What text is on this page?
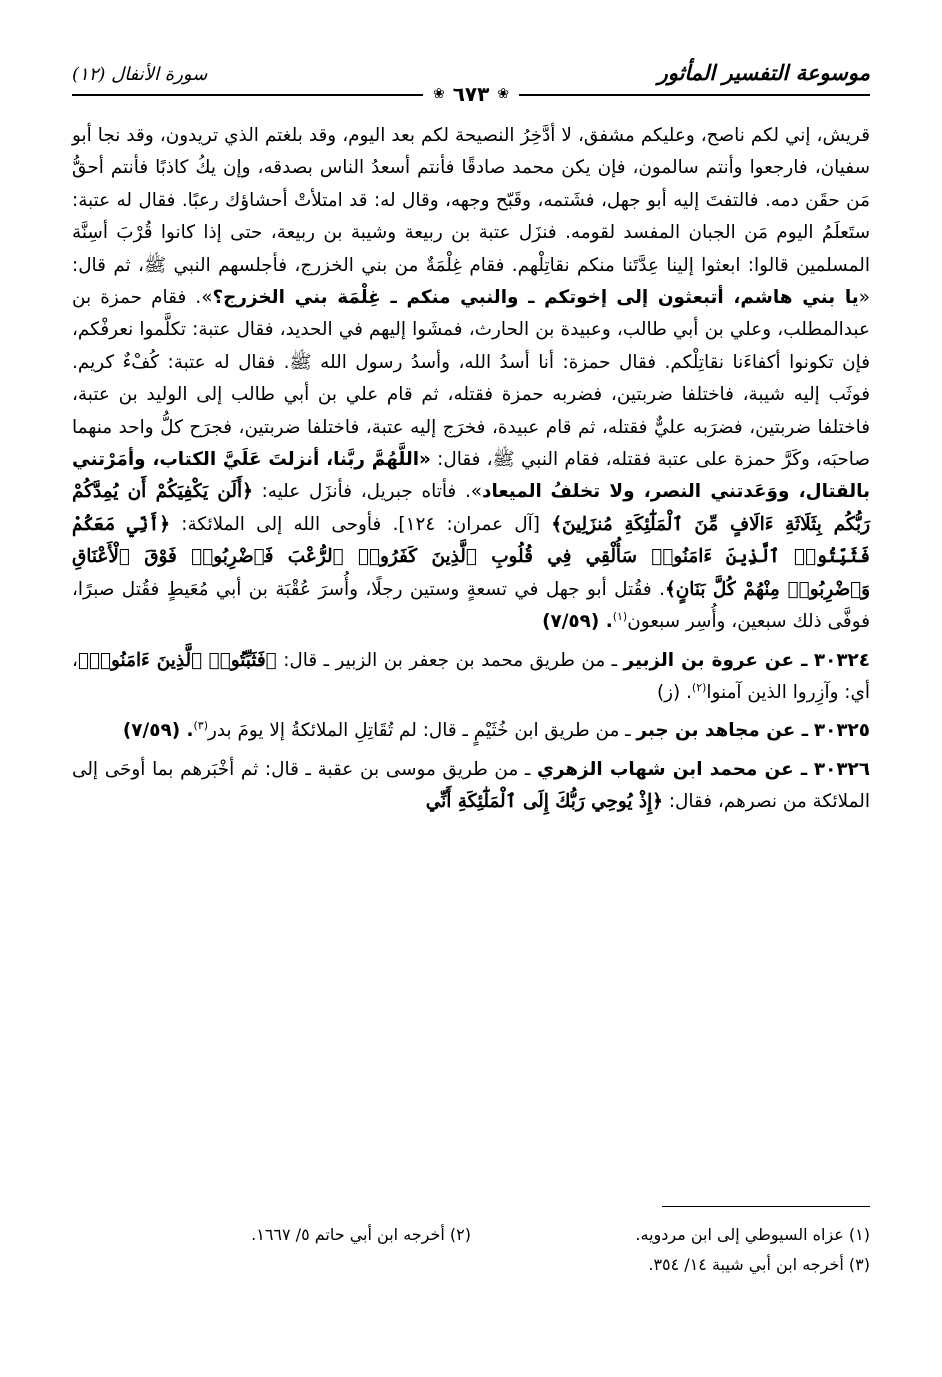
موسوعة التفسير المأثور
سورة الأنفال (١٢)
❀ ٦٧٣ ❀

قريش، إني لكم ناصح، وعليكم مشفق، لا أدَّخِرُ النصيحة لكم بعد اليوم، وقد بلغتم الذي تريدون، وقد نجا أبو سفيان، فارجعوا وأنتم سالمون، فإن يكن محمد صادقًا فأنتم أسعدُ الناس بصدقه، وإن يكُ كاذبًا فأنتم أحقُّ مَن حقَن دمه. فالتفتَ إليه أبو جهل، فشَتمه، وقَبّح وجهه، وقال له: قد امتلأتْ أحشاؤك رعبًا. فقال له عتبة: ستَعلَمُ اليوم مَن الجبان المفسد لقومه. فنزَل عتبة بن ربيعة وشيبة بن ربيعة، حتى إذا كانوا قُرْبَ أسِنَّة المسلمين قالوا: ابعثوا إلينا عِدَّتَنا منكم نقاتِلْهم. فقام غِلْمَةٌ من بني الخزرج، فأجلسهم النبي ﷺ، ثم قال: «يا بني هاشم، أتبعثون إلى إخوتكم ـ والنبي منكم ـ غِلْمَة بني الخزرج؟». فقام حمزة بن عبدالمطلب، وعلي بن أبي طالب، وعبيدة بن الحارث، فمشَوا إليهم في الحديد، فقال عتبة: تكلَّموا نعرفْكم، فإن تكونوا أكفاءَنا نقاتِلْكم. فقال حمزة: أنا أسدُ الله، وأسدُ رسول الله ﷺ. فقال له عتبة: كُفْءٌ كريم. فوثَب إليه شيبة، فاختلفا ضربتين، فضربه حمزة فقتله، ثم قام علي بن أبي طالب إلى الوليد بن عتبة، فاختلفا ضربتين، فضرَبه عليٌّ فقتله، ثم قام عبيدة، فخرَج إليه عتبة، فاختلفا ضربتين، فجرَح كلُّ واحد منهما صاحبَه، وكَرَّ حمزة على عتبة فقتله، فقام النبي ﷺ، فقال: «اللَّهُمَّ ربَّنا، أنزلتَ عَلَيَّ الكتاب، وأمَرْتني بالقتال، ووَعَدتني النصر، ولا تخلفُ الميعاد». فأتاه جبريل، فأنزَل عليه: ﴿أَلَن يَكْفِيَكُمْ أَن يُمِدَّكُمْ رَبُّكُم بِثَلَاثَةِ ءَالَافٍ مِّنَ ٱلْمَلَٰٓئِكَةِ مُنزَلِينَ﴾ [آل عمران: ١٢٤]. فأوحى الله إلى الملائكة: ﴿أَنِّي مَعَكُمْ فَثَبِّتُوا۟ ٱلَّذِينَ ءَامَنُوا۟ سَأُلْقِي فِي قُلُوبِ ٱلَّذِينَ كَفَرُوا۟ ٱلرُّعْبَ فَٱضْرِبُوا۟ فَوْقَ ٱلْأَعْنَاقِ وَٱضْرِبُوا۟ مِنْهُمْ كُلَّ بَنَانٍ﴾. فقُتل أبو جهل في تسعةٍ وستين رجلًا، وأُسرَ عُقْبَة بن أبي مُعَيطٍ فقُتل صبرًا، فوفَّى ذلك سبعين، وأُسِر سبعون$^{(١)}$. (٧/٥٩)

٣٠٣٢٤ ـ عن عروة بن الزبير ـ من طريق محمد بن جعفر بن الزبير ـ قال: ﴿فَثَبِّتُوا۟ ٱلَّذِينَ ءَامَنُوا۟﴾، أي: وآزِروا الذين آمنوا$^{(٢)}$. (ز)

٣٠٣٢٥ ـ عن مجاهد بن جبر ـ من طريق ابن خُثَيْمٍ ـ قال: لم تُقَاتِلِ الملائكةُ إلا يومَ بدر$^{(٣)}$. (٧/٥٩)

٣٠٣٢٦ ـ عن محمد ابن شهاب الزهري ـ من طريق موسى بن عقبة ـ قال: ثم أخْبَرهم بما أوحَى إلى الملائكة من نصرهم، فقال: ﴿إِذْ يُوحِي رَبُّكَ إِلَى ٱلْمَلَٰٓئِكَةِ أَنِّي

(١) عزاه السيوطي إلى ابن مردويه.
(٢) أخرجه ابن أبي حاتم ٥/ ١٦٦٧.
(٣) أخرجه ابن أبي شيبة ١٤/ ٣٥٤.
